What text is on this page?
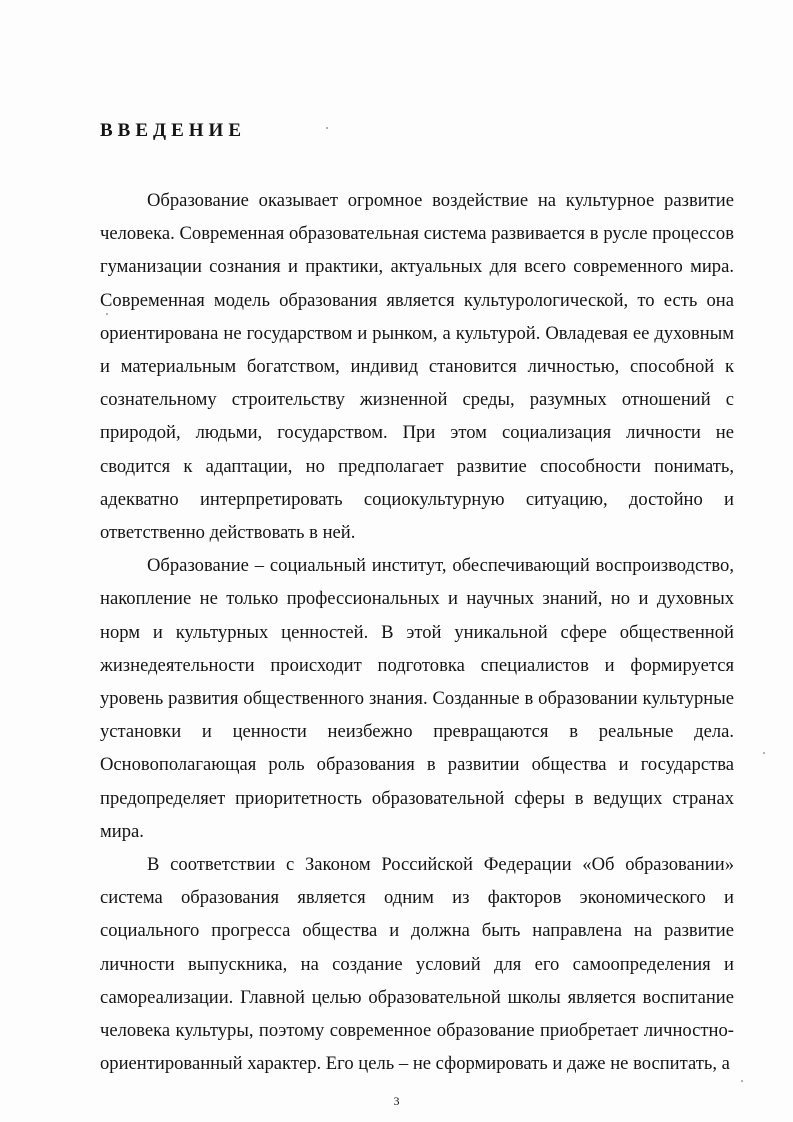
ВВЕДЕНИЕ

Образование оказывает огромное воздействие на культурное развитие человека. Современная образовательная система развивается в русле процессов гуманизации сознания и практики, актуальных для всего современного мира. Современная модель образования является культурологической, то есть она ориентирована не государством и рынком, а культурой. Овладевая ее духовным и материальным богатством, индивид становится личностью, способной к сознательному строительству жизненной среды, разумных отношений с природой, людьми, государством. При этом социализация личности не сводится к адаптации, но предполагает развитие способности понимать, адекватно интерпретировать социокультурную ситуацию, достойно и ответственно действовать в ней.

Образование – социальный институт, обеспечивающий воспроизводство, накопление не только профессиональных и научных знаний, но и духовных норм и культурных ценностей. В этой уникальной сфере общественной жизнедеятельности происходит подготовка специалистов и формируется уровень развития общественного знания. Созданные в образовании культурные установки и ценности неизбежно превращаются в реальные дела. Основополагающая роль образования в развитии общества и государства предопределяет приоритетность образовательной сферы в ведущих странах мира.

В соответствии с Законом Российской Федерации «Об образовании» система образования является одним из факторов экономического и социального прогресса общества и должна быть направлена на развитие личности выпускника, на создание условий для его самоопределения и самореализации. Главной целью образовательной школы является воспитание человека культуры, поэтому современное образование приобретает личностно-ориентированный характер. Его цель – не сформировать и даже не воспитать, а

3
